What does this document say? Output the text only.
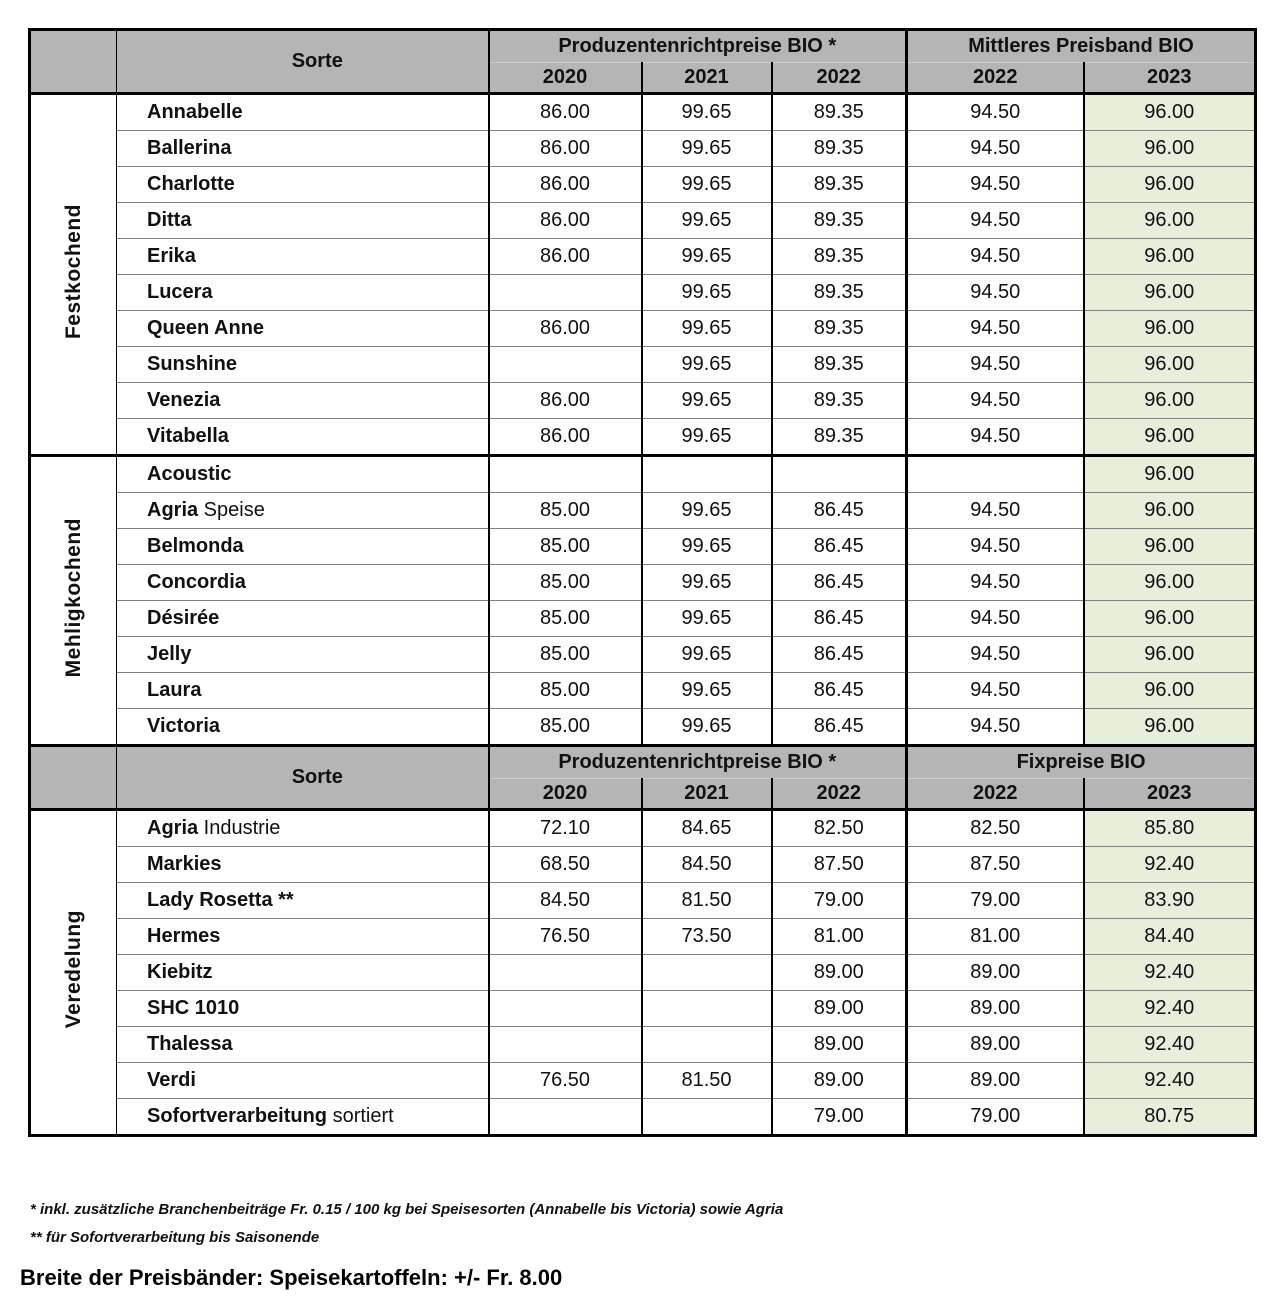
	Sorte	Produzentenrichtpreise BIO *			Mittleres Preisband BIO	
		2020	2021	2022	2022	2023
Festkochend	Annabelle	86.00	99.65	89.35	94.50	96.00
	Ballerina	86.00	99.65	89.35	94.50	96.00
	Charlotte	86.00	99.65	89.35	94.50	96.00
	Ditta	86.00	99.65	89.35	94.50	96.00
	Erika	86.00	99.65	89.35	94.50	96.00
	Lucera		99.65	89.35	94.50	96.00
	Queen Anne	86.00	99.65	89.35	94.50	96.00
	Sunshine		99.65	89.35	94.50	96.00
	Venezia	86.00	99.65	89.35	94.50	96.00
	Vitabella	86.00	99.65	89.35	94.50	96.00
Mehligkochend	Acoustic					96.00
	Agria Speise	85.00	99.65	86.45	94.50	96.00
	Belmonda	85.00	99.65	86.45	94.50	96.00
	Concordia	85.00	99.65	86.45	94.50	96.00
	Désirée	85.00	99.65	86.45	94.50	96.00
	Jelly	85.00	99.65	86.45	94.50	96.00
	Laura	85.00	99.65	86.45	94.50	96.00
	Victoria	85.00	99.65	86.45	94.50	96.00
	Sorte	Produzentenrichtpreise BIO *			Fixpreise BIO	
		2020	2021	2022	2022	2023
Veredelung	Agria Industrie	72.10	84.65	82.50	82.50	85.80
	Markies	68.50	84.50	87.50	87.50	92.40
	Lady Rosetta **	84.50	81.50	79.00	79.00	83.90
	Hermes	76.50	73.50	81.00	81.00	84.40
	Kiebitz			89.00	89.00	92.40
	SHC 1010			89.00	89.00	92.40
	Thalessa			89.00	89.00	92.40
	Verdi	76.50	81.50	89.00	89.00	92.40
	Sofortverarbeitung sortiert			79.00	79.00	80.75
* inkl. zusätzliche Branchenbeiträge Fr. 0.15 / 100 kg bei Speisesorten (Annabelle bis Victoria) sowie Agria
** für Sofortverarbeitung bis Saisonende
Breite der Preisbänder: Speisekartoffeln: +/- Fr. 8.00
